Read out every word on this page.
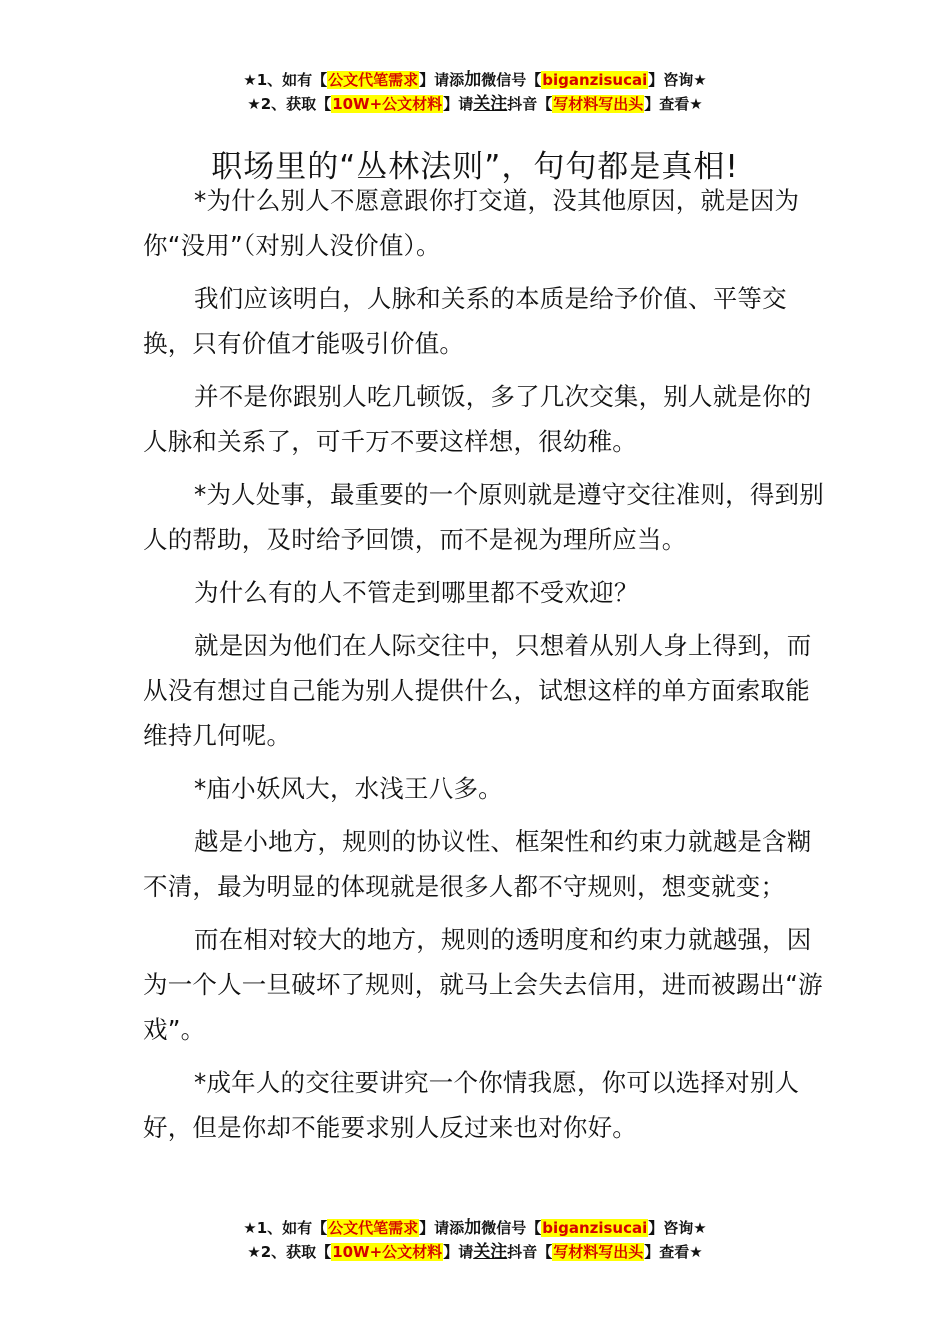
★1、如有【公文代笔需求】请添加微信号【biganzisucai】咨询★
★2、获取【10W+公文材料】请关注抖音【写材料写出头】查看★
职场里的“丛林法则”，句句都是真相!

*为什么别人不愿意跟你打交道，没其他原因，就是因为你“没用”（对别人没价值）。

我们应该明白，人脉和关系的本质是给予价值、平等交换，只有价值才能吸引价值。

并不是你跟别人吃几顿饭，多了几次交集，别人就是你的人脉和关系了，可千万不要这样想，很幼稚。

*为人处事，最重要的一个原则就是遵守交往准则，得到别人的帮助，及时给予回馈，而不是视为理所应当。

为什么有的人不管走到哪里都不受欢迎？

就是因为他们在人际交往中，只想着从别人身上得到，而从没有想过自己能为别人提供什么，试想这样的单方面索取能维持几何呢。

*庙小妖风大，水浅王八多。

越是小地方，规则的协议性、框架性和约束力就越是含糊不清，最为明显的体现就是很多人都不守规则，想变就变；

而在相对较大的地方，规则的透明度和约束力就越强，因为一个人一旦破坏了规则，就马上会失去信用，进而被踢出“游戏”。

*成年人的交往要讲究一个你情我愿，你可以选择对别人好，但是你却不能要求别人反过来也对你好。

★1、如有【公文代笔需求】请添加微信号【biganzisucai】咨询★
★2、获取【10W+公文材料】请关注抖音【写材料写出头】查看★
